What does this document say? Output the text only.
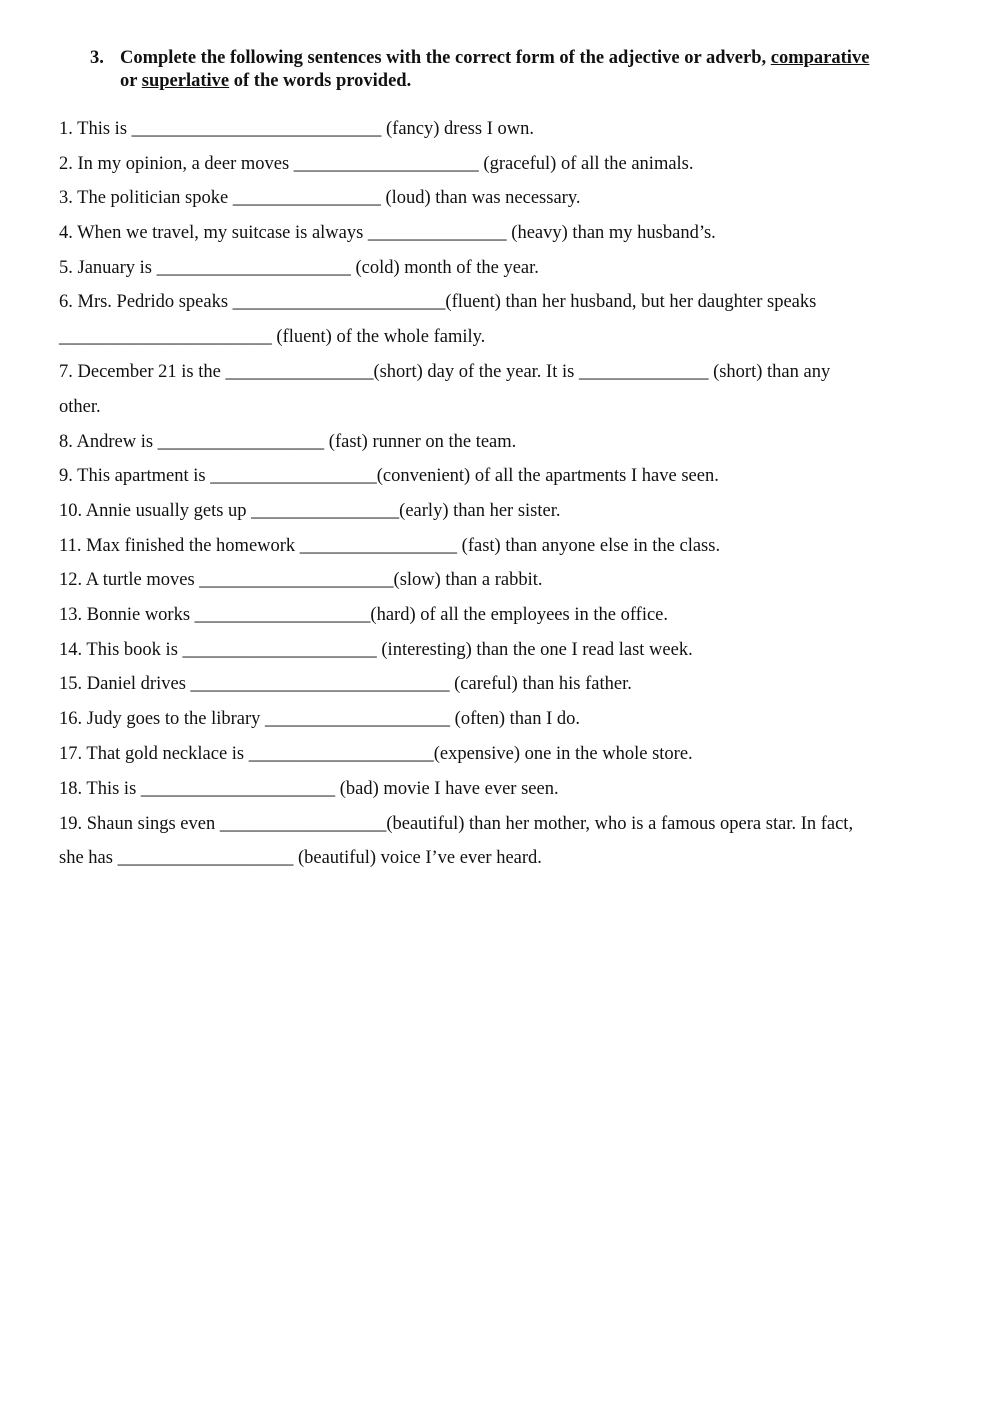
3. Complete the following sentences with the correct form of the adjective or adverb, comparative
or superlative of the words provided.
1. This is ___________________________ (fancy) dress I own.
2. In my opinion, a deer moves ____________________ (graceful) of all the animals.
3. The politician spoke ________________ (loud) than was necessary.
4. When we travel, my suitcase is always _______________ (heavy) than my husband’s.
5. January is _____________________ (cold) month of the year.
6. Mrs. Pedrido speaks _______________________(fluent) than her husband, but her daughter speaks
_______________________ (fluent) of the whole family.
7. December 21 is the ________________(short) day of the year. It is ______________ (short) than any
other.
8. Andrew is __________________ (fast) runner on the team.
9. This apartment is __________________(convenient) of all the apartments I have seen.
10. Annie usually gets up ________________(early) than her sister.
11. Max finished the homework _________________ (fast) than anyone else in the class.
12. A turtle moves _____________________(slow) than a rabbit.
13. Bonnie works ___________________(hard) of all the employees in the office.
14. This book is _____________________ (interesting) than the one I read last week.
15. Daniel drives ____________________________ (careful) than his father.
16. Judy goes to the library ____________________ (often) than I do.
17. That gold necklace is ____________________(expensive) one in the whole store.
18. This is _____________________ (bad) movie I have ever seen.
19. Shaun sings even __________________(beautiful) than her mother, who is a famous opera star. In fact,
she has ___________________ (beautiful) voice I’ve ever heard.
